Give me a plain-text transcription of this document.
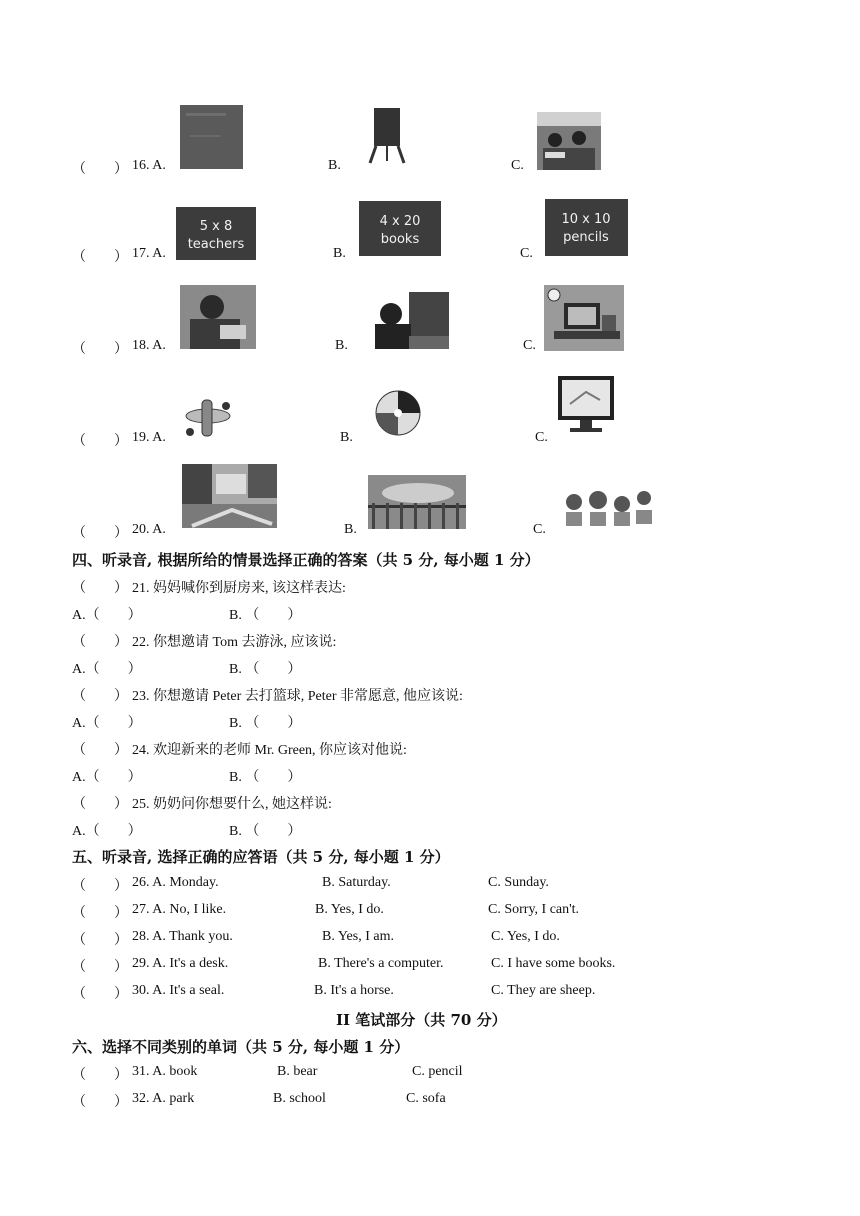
5 x 8
teachers
4 x 20
books
10 x 10
pencils
（　　） 16. A.	B.	C.
（　　） 17. A.	B.	C.
（　　） 18. A.	B.	C.
（　　） 19. A.	B.	C.
（　　） 20. A.	B.	C.
四、听录音, 根据所给的情景选择正确的答案（共 5 分, 每小题 1 分）
（　　） 21. 妈妈喊你到厨房来, 该这样表达:
A.（　　）	B. （　　）
（　　） 22. 你想邀请 Tom 去游泳, 应该说:
A.（　　）	B. （　　）
（　　） 23. 你想邀请 Peter 去打篮球, Peter 非常愿意, 他应该说:
A.（　　）	B. （　　）
（　　） 24. 欢迎新来的老师 Mr. Green, 你应该对他说:
A.（　　）	B. （　　）
（　　） 25. 奶奶问你想要什么, 她这样说:
A.（　　）	B. （　　）
五、听录音, 选择正确的应答语（共 5 分, 每小题 1 分）
（　　） 26. A. Monday.	B. Saturday.	C. Sunday.
（　　） 27. A. No, I like.	B. Yes, I do.	C. Sorry, I can't.
（　　） 28. A. Thank you.	B. Yes, I am.	C. Yes, I do.
（　　） 29. A. It's a desk.	B. There's a computer.	C. I have some books.
（　　） 30. A. It's a seal.	B. It's a horse.	C. They are sheep.
II 笔试部分（共 70 分）
六、选择不同类别的单词（共 5 分, 每小题 1 分）
（　　） 31. A. book	B. bear	C. pencil
（　　） 32. A. park	B. school	C. sofa
